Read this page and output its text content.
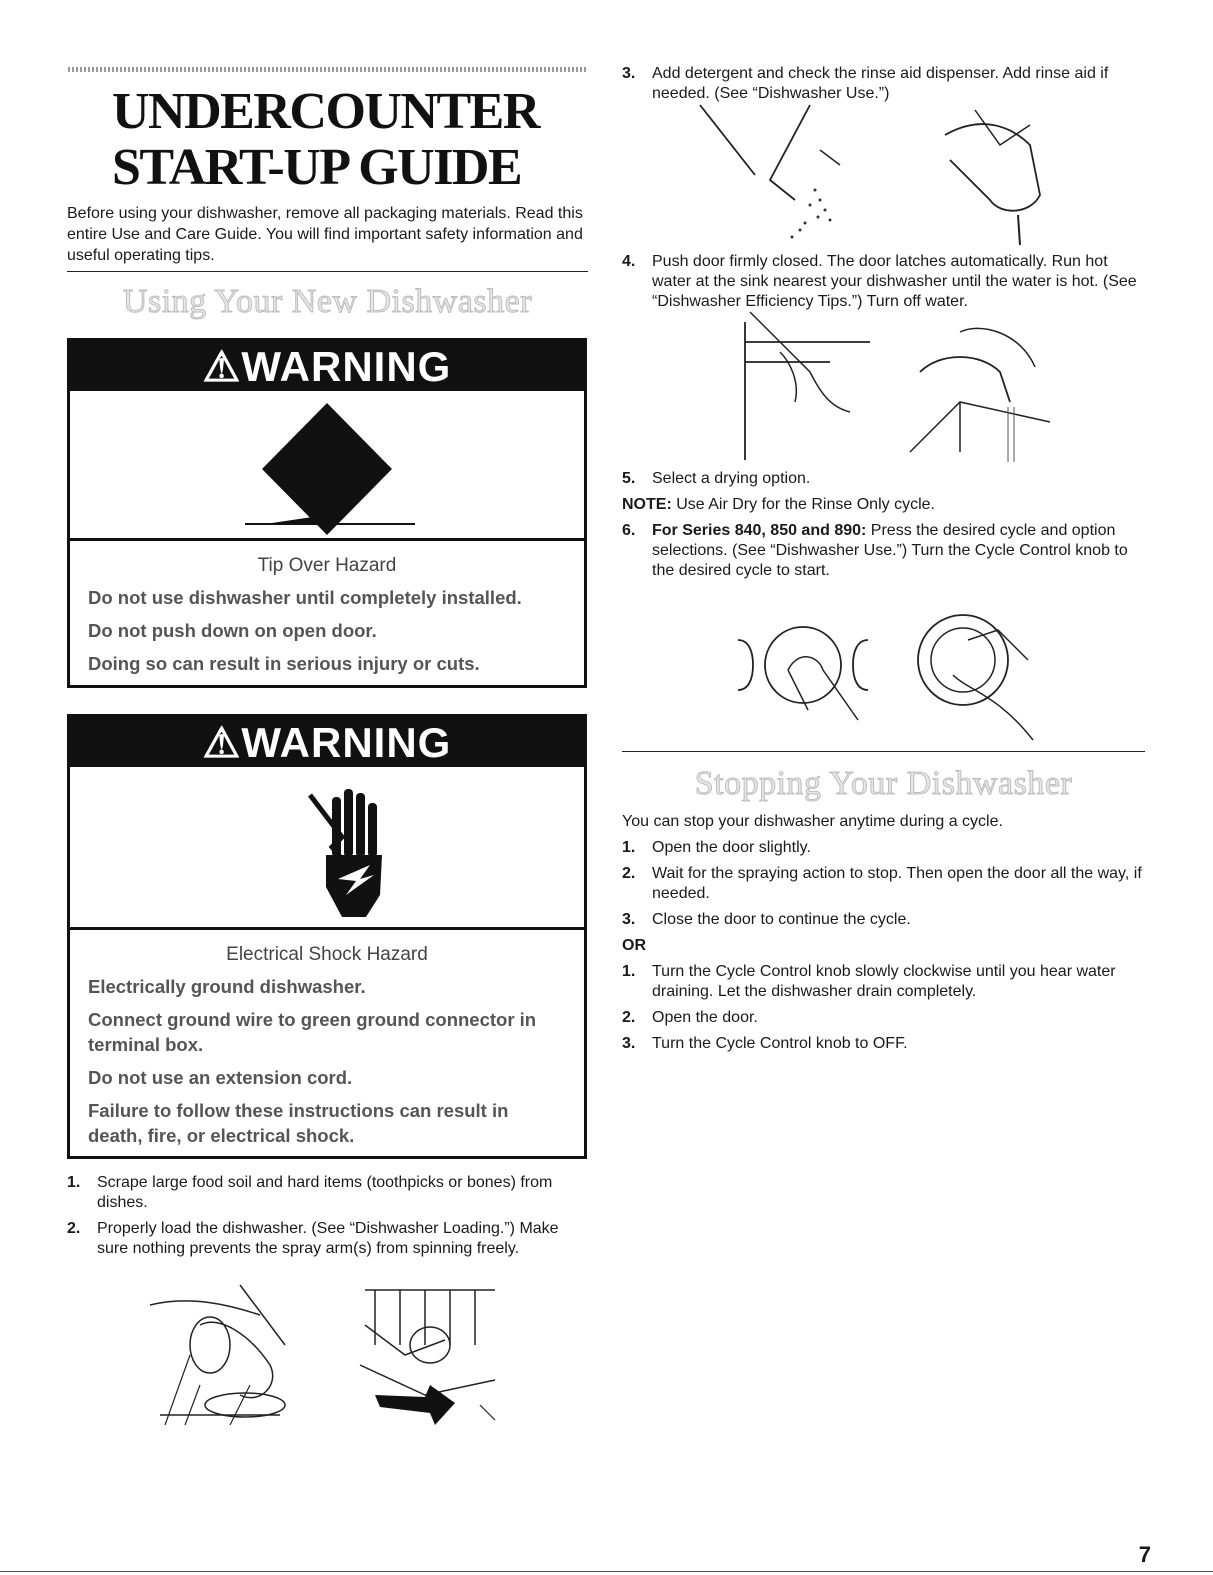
UNDERCOUNTER
START-UP GUIDE
Before using your dishwasher, remove all packaging materials. Read this entire Use and Care Guide. You will find important safety information and useful operating tips.
Using Your New Dishwasher
⚠WARNING
Tip Over Hazard
Do not use dishwasher until completely installed.
Do not push down on open door.
Doing so can result in serious injury or cuts.
⚠WARNING
Electrical Shock Hazard
Electrically ground dishwasher.
Connect ground wire to green ground connector in terminal box.
Do not use an extension cord.
Failure to follow these instructions can result in death, fire, or electrical shock.
1.	Scrape large food soil and hard items (toothpicks or bones) from dishes.
2.	Properly load the dishwasher. (See “Dishwasher Loading.”) Make sure nothing prevents the spray arm(s) from spinning freely.
3.	Add detergent and check the rinse aid dispenser. Add rinse aid if needed. (See “Dishwasher Use.”)
4.	Push door firmly closed. The door latches automatically. Run hot water at the sink nearest your dishwasher until the water is hot. (See “Dishwasher Efficiency Tips.”) Turn off water.
5.	Select a drying option.
NOTE: Use Air Dry for the Rinse Only cycle.
6.	For Series 840, 850 and 890: Press the desired cycle and option selections. (See “Dishwasher Use.”) Turn the Cycle Control knob to the desired cycle to start.
Stopping Your Dishwasher
You can stop your dishwasher anytime during a cycle.
1.	Open the door slightly.
2.	Wait for the spraying action to stop. Then open the door all the way, if needed.
3.	Close the door to continue the cycle.
OR
1.	Turn the Cycle Control knob slowly clockwise until you hear water draining. Let the dishwasher drain completely.
2.	Open the door.
3.	Turn the Cycle Control knob to OFF.
7
